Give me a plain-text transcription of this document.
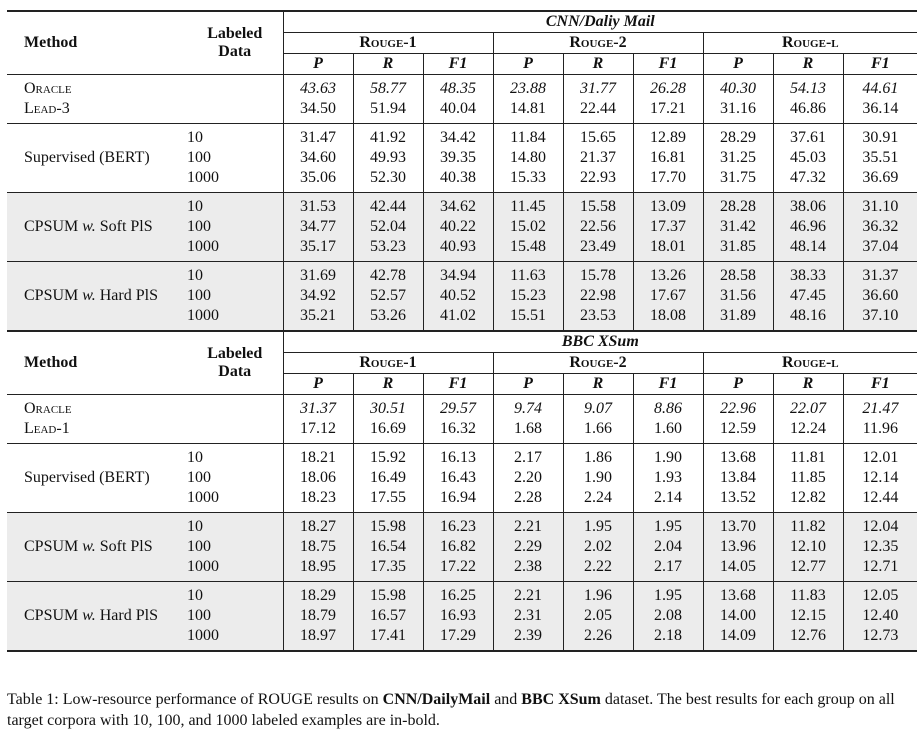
Method	Labeled
Data	CNN/Daliy Mail								
		Rouge-1			Rouge-2			Rouge-l		
		P	R	F1	P	R	F1	P	R	F1

Oracle		43.63	58.77	48.35	23.88	31.77	26.28	40.30	54.13	44.61
Lead-3		34.50	51.94	40.04	14.81	22.44	17.21	31.16	46.86	36.14

Supervised (BERT)	10	31.47	41.92	34.42	11.84	15.65	12.89	28.29	37.61	30.91
	100	34.60	49.93	39.35	14.80	21.37	16.81	31.25	45.03	35.51
	1000	35.06	52.30	40.38	15.33	22.93	17.70	31.75	47.32	36.69

CPSUM w. Soft PlS	10	31.53	42.44	34.62	11.45	15.58	13.09	28.28	38.06	31.10
	100	34.77	52.04	40.22	15.02	22.56	17.37	31.42	46.96	36.32
	1000	35.17	53.23	40.93	15.48	23.49	18.01	31.85	48.14	37.04

CPSUM w. Hard PlS	10	31.69	42.78	34.94	11.63	15.78	13.26	28.58	38.33	31.37
	100	34.92	52.57	40.52	15.23	22.98	17.67	31.56	47.45	36.60
	1000	35.21	53.26	41.02	15.51	23.53	18.08	31.89	48.16	37.10

Method	Labeled
Data	BBC XSum								
		Rouge-1			Rouge-2			Rouge-l		
		P	R	F1	P	R	F1	P	R	F1

Oracle		31.37	30.51	29.57	9.74	9.07	8.86	22.96	22.07	21.47
Lead-1		17.12	16.69	16.32	1.68	1.66	1.60	12.59	12.24	11.96

Supervised (BERT)	10	18.21	15.92	16.13	2.17	1.86	1.90	13.68	11.81	12.01
	100	18.06	16.49	16.43	2.20	1.90	1.93	13.84	11.85	12.14
	1000	18.23	17.55	16.94	2.28	2.24	2.14	13.52	12.82	12.44

CPSUM w. Soft PlS	10	18.27	15.98	16.23	2.21	1.95	1.95	13.70	11.82	12.04
	100	18.75	16.54	16.82	2.29	2.02	2.04	13.96	12.10	12.35
	1000	18.95	17.35	17.22	2.38	2.22	2.17	14.05	12.77	12.71

CPSUM w. Hard PlS	10	18.29	15.98	16.25	2.21	1.96	1.95	13.68	11.83	12.05
	100	18.79	16.57	16.93	2.31	2.05	2.08	14.00	12.15	12.40
	1000	18.97	17.41	17.29	2.39	2.26	2.18	14.09	12.76	12.73

Table 1: Low-resource performance of ROUGE results on CNN/DailyMail and BBC XSum dataset. The best results for each group on all target corpora with 10, 100, and 1000 labeled examples are in-bold.
